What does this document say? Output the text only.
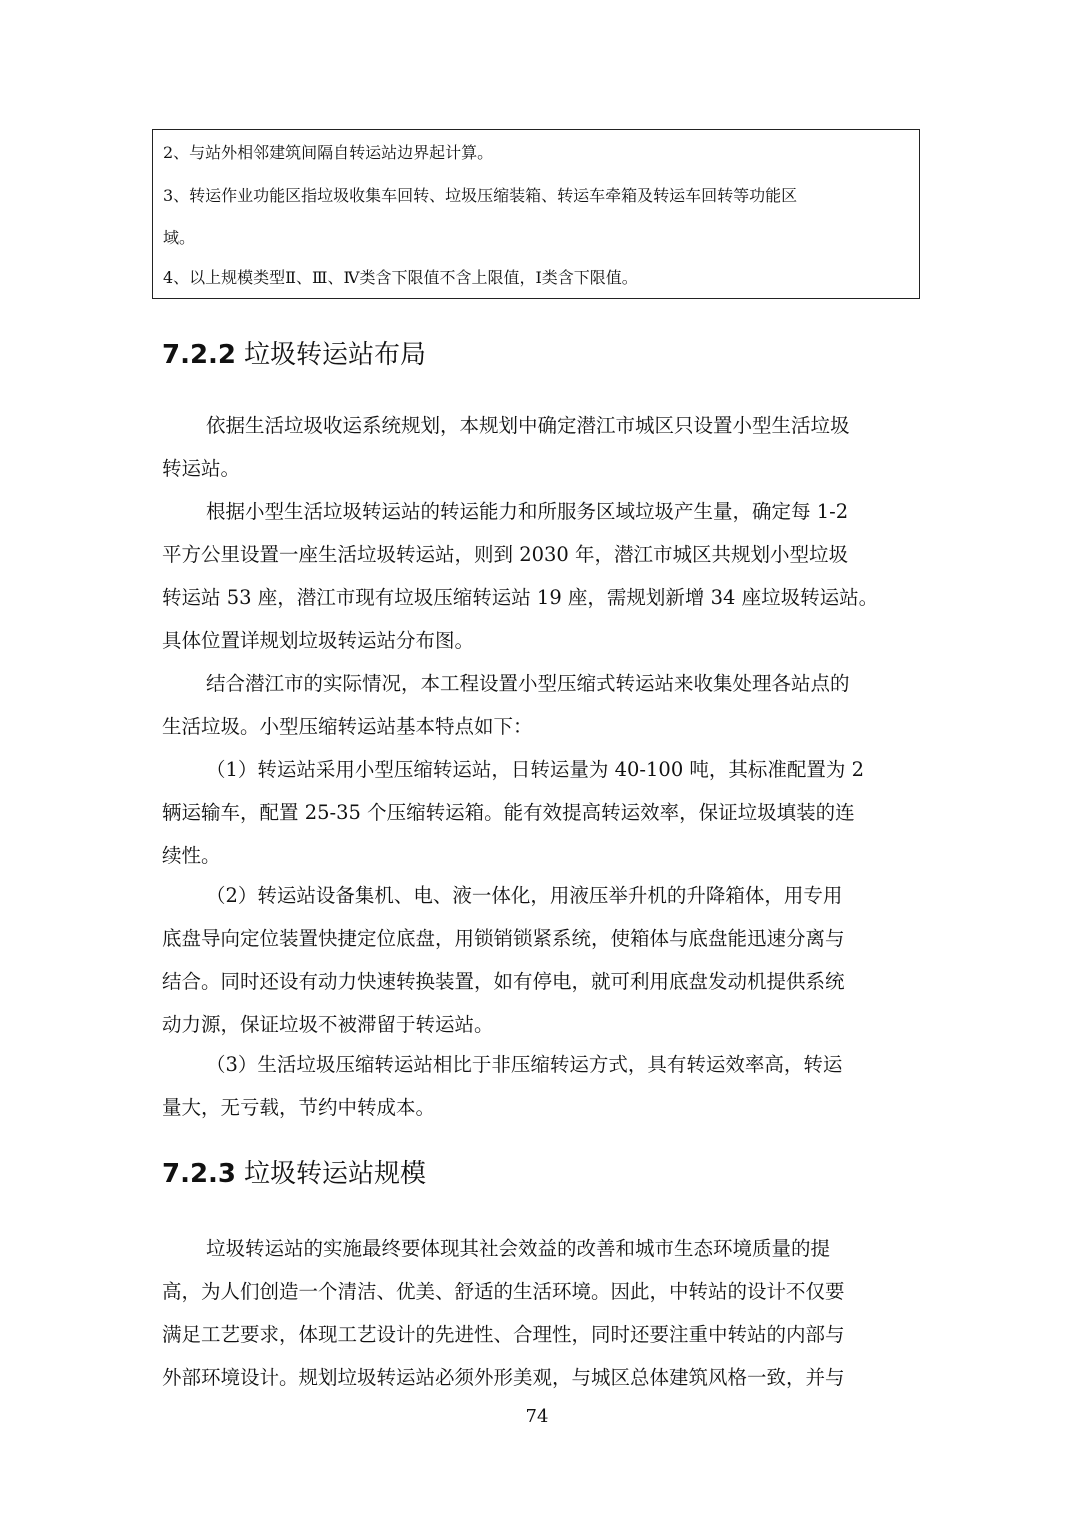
2、与站外相邻建筑间隔自转运站边界起计算。
3、转运作业功能区指垃圾收集车回转、垃圾压缩装箱、转运车牵箱及转运车回转等功能区
域。
4、以上规模类型Ⅱ、Ⅲ、Ⅳ类含下限值不含上限值，Ⅰ类含下限值。
7.2.2 垃圾转运站布局
依据生活垃圾收运系统规划，本规划中确定潜江市城区只设置小型生活垃圾
转运站。
根据小型生活垃圾转运站的转运能力和所服务区域垃圾产生量，确定每 1-2
平方公里设置一座生活垃圾转运站，则到 2030 年，潜江市城区共规划小型垃圾
转运站 53 座，潜江市现有垃圾压缩转运站 19 座，需规划新增 34 座垃圾转运站。
具体位置详规划垃圾转运站分布图。
结合潜江市的实际情况，本工程设置小型压缩式转运站来收集处理各站点的
生活垃圾。小型压缩转运站基本特点如下：
（1）转运站采用小型压缩转运站，日转运量为 40-100 吨，其标准配置为 2
辆运输车，配置 25-35 个压缩转运箱。能有效提高转运效率，保证垃圾填装的连
续性。
（2）转运站设备集机、电、液一体化，用液压举升机的升降箱体，用专用
底盘导向定位装置快捷定位底盘，用锁销锁紧系统，使箱体与底盘能迅速分离与
结合。同时还设有动力快速转换装置，如有停电，就可利用底盘发动机提供系统
动力源，保证垃圾不被滞留于转运站。
（3）生活垃圾压缩转运站相比于非压缩转运方式，具有转运效率高，转运
量大，无亏载，节约中转成本。
7.2.3 垃圾转运站规模
垃圾转运站的实施最终要体现其社会效益的改善和城市生态环境质量的提
高，为人们创造一个清洁、优美、舒适的生活环境。因此，中转站的设计不仅要
满足工艺要求，体现工艺设计的先进性、合理性，同时还要注重中转站的内部与
外部环境设计。规划垃圾转运站必须外形美观，与城区总体建筑风格一致，并与
74
